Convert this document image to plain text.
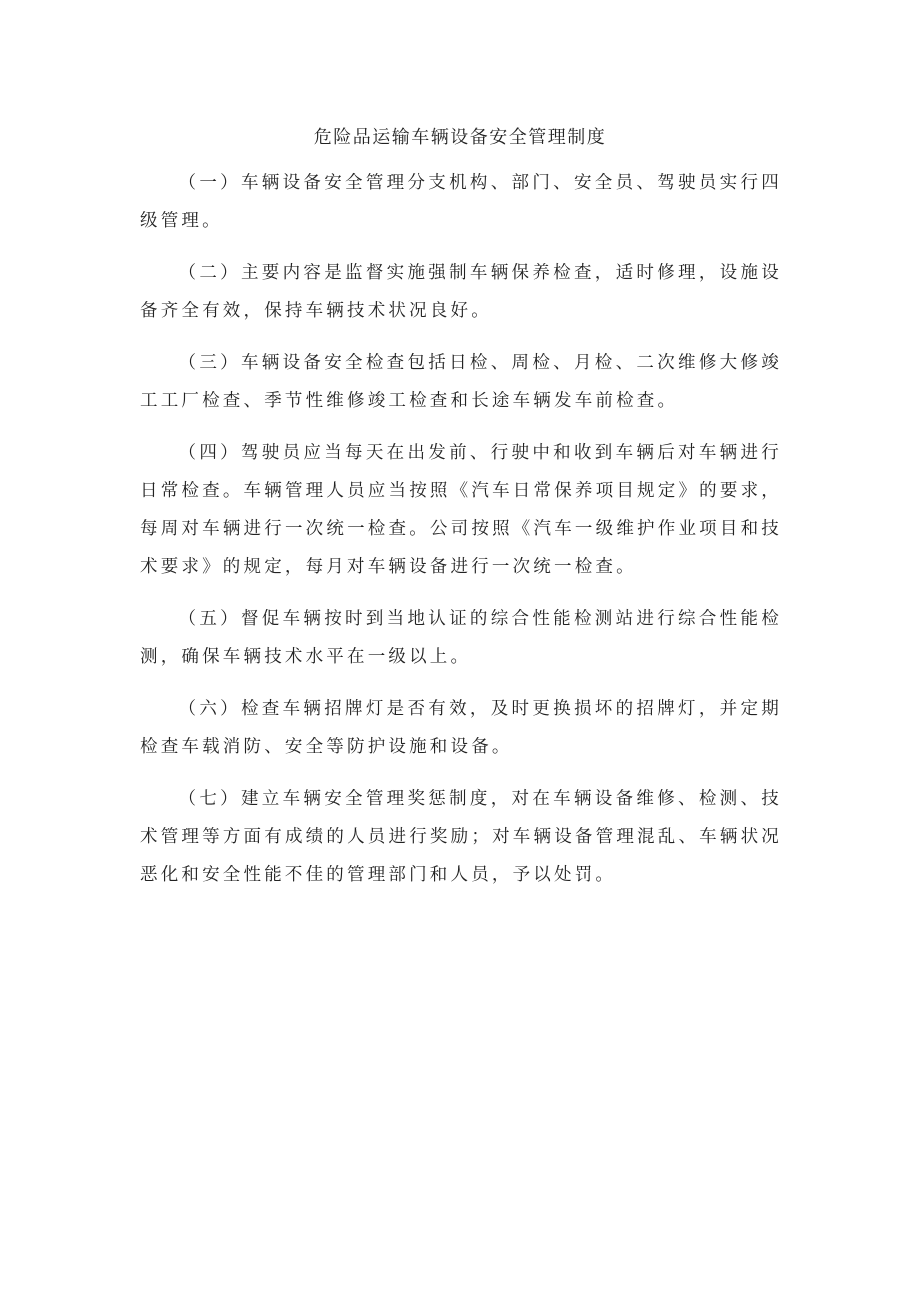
危险品运输车辆设备安全管理制度

（一）车辆设备安全管理分支机构、部门、安全员、驾驶员实行四级管理。

（二）主要内容是监督实施强制车辆保养检查，适时修理，设施设备齐全有效，保持车辆技术状况良好。

（三）车辆设备安全检查包括日检、周检、月检、二次维修大修竣工工厂检查、季节性维修竣工检查和长途车辆发车前检查。

（四）驾驶员应当每天在出发前、行驶中和收到车辆后对车辆进行日常检查。车辆管理人员应当按照《汽车日常保养项目规定》的要求，每周对车辆进行一次统一检查。公司按照《汽车一级维护作业项目和技术要求》的规定，每月对车辆设备进行一次统一检查。

（五）督促车辆按时到当地认证的综合性能检测站进行综合性能检测，确保车辆技术水平在一级以上。

（六）检查车辆招牌灯是否有效，及时更换损坏的招牌灯，并定期检查车载消防、安全等防护设施和设备。

（七）建立车辆安全管理奖惩制度，对在车辆设备维修、检测、技术管理等方面有成绩的人员进行奖励；对车辆设备管理混乱、车辆状况恶化和安全性能不佳的管理部门和人员，予以处罚。
